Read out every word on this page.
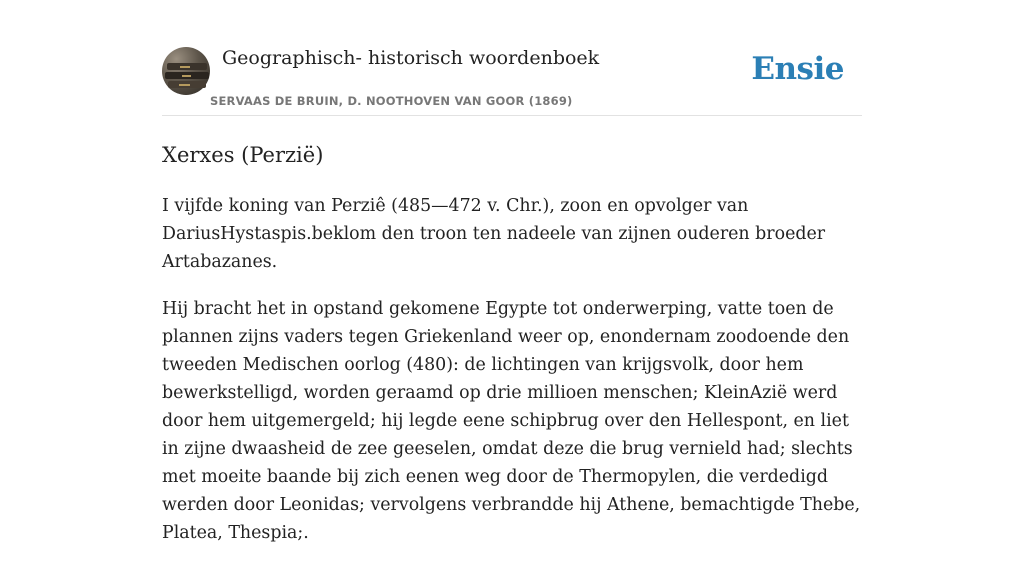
Geographisch- historisch woordenboek
SERVAAS DE BRUIN, D. NOOTHOVEN VAN GOOR (1869)
Ensie
Xerxes (Perzië)

I vijfde koning van Perziê (485—472 v. Chr.), zoon en opvolger van DariusHystaspis.beklom den troon ten nadeele van zijnen ouderen broeder Artabazanes.

Hij bracht het in opstand gekomene Egypte tot onderwerping, vatte toen de plannen zijns vaders tegen Griekenland weer op, enondernam zoodoende den tweeden Medischen oorlog (480): de lichtingen van krijgsvolk, door hem bewerkstelligd, worden geraamd op drie millioen menschen; KleinAzië werd door hem uitgemergeld; hij legde eene schipbrug over den Hellespont, en liet in zijne dwaasheid de zee geeselen, omdat deze die brug vernield had; slechts met moeite baande bij zich eenen weg door de Thermopylen, die verdedigd werden door Leonidas; vervolgens verbrandde hij Athene, bemachtigde Thebe, Platea, Thespia;.
